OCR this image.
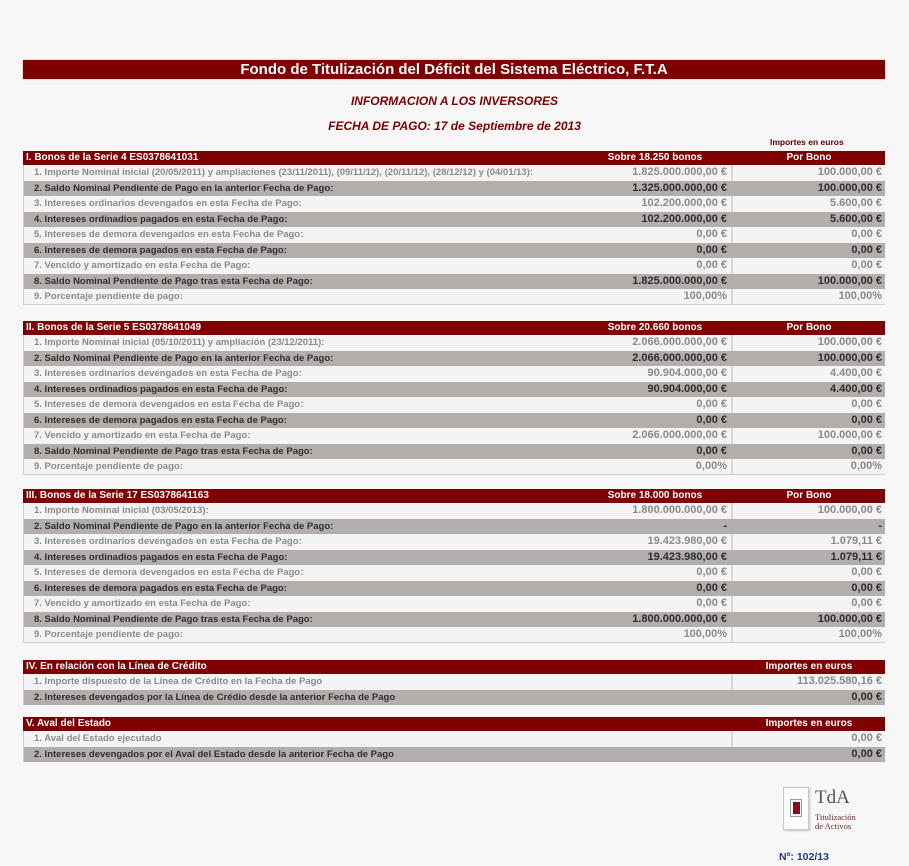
Fondo de Titulización del Déficit del Sistema Eléctrico, F.T.A
INFORMACION A LOS INVERSORES
FECHA DE PAGO: 17 de Septiembre de 2013
Importes en euros
I. Bonos de la Serie 4 ES0378641031	Sobre 18.250 bonos	Por Bono
1. Importe Nominal inicial (20/05/2011) y ampliaciones (23/11/2011), (09/11/12), (20/11/12), (28/12/12) y (04/01/13):	1.825.000.000,00 €	100.000,00 €
2. Saldo Nominal Pendiente de Pago en la anterior Fecha de Pago:	1.325.000.000,00 €	100.000,00 €
3. Intereses ordinarios devengados en esta Fecha de Pago:	102.200.000,00 €	5.600,00 €
4. Intereses ordinadios pagados en esta Fecha de Pago:	102.200.000,00 €	5.600,00 €
5. Intereses de demora devengados en esta Fecha de Pago:	0,00 €	0,00 €
6. Intereses de demora pagados en esta Fecha de Pago:	0,00 €	0,00 €
7. Vencido y amortizado en esta Fecha de Pago:	0,00 €	0,00 €
8. Saldo Nominal Pendiente de Pago tras esta Fecha de Pago:	1.825.000.000,00 €	100.000,00 €
9. Porcentaje pendiente de pago:	100,00%	100,00%
II. Bonos de la Serie 5 ES0378641049	Sobre 20.660 bonos	Por Bono
1. Importe Nominal inicial (05/10/2011) y ampliación (23/12/2011):	2.066.000.000,00 €	100.000,00 €
2. Saldo Nominal Pendiente de Pago en la anterior Fecha de Pago:	2.066.000.000,00 €	100.000,00 €
3. Intereses ordinarios devengados en esta Fecha de Pago:	90.904.000,00 €	4.400,00 €
4. Intereses ordinadios pagados en esta Fecha de Pago:	90.904.000,00 €	4.400,00 €
5. Intereses de demora devengados en esta Fecha de Pago:	0,00 €	0,00 €
6. Intereses de demora pagados en esta Fecha de Pago:	0,00 €	0,00 €
7. Vencido y amortizado en esta Fecha de Pago:	2.066.000.000,00 €	100.000,00 €
8. Saldo Nominal Pendiente de Pago tras esta Fecha de Pago:	0,00 €	0,00 €
9. Porcentaje pendiente de pago:	0,00%	0,00%
III. Bonos de la Serie 17 ES0378641163	Sobre 18.000 bonos	Por Bono
1. Importe Nominal inicial (03/05/2013):	1.800.000.000,00 €	100.000,00 €
2. Saldo Nominal Pendiente de Pago en la anterior Fecha de Pago:	-	-
3. Intereses ordinarios devengados en esta Fecha de Pago:	19.423.980,00 €	1.079,11 €
4. Intereses ordinadios pagados en esta Fecha de Pago:	19.423.980,00 €	1.079,11 €
5. Intereses de demora devengados en esta Fecha de Pago:	0,00 €	0,00 €
6. Intereses de demora pagados en esta Fecha de Pago:	0,00 €	0,00 €
7. Vencido y amortizado en esta Fecha de Pago:	0,00 €	0,00 €
8. Saldo Nominal Pendiente de Pago tras esta Fecha de Pago:	1.800.000.000,00 €	100.000,00 €
9. Porcentaje pendiente de pago:	100,00%	100,00%
IV. En relación con la Línea de Crédito	Importes en euros
1. Importe dispuesto de la Línea de Crédito en la Fecha de Pago	113.025.580,16 €
2. Intereses devengados por la Línea de Crédio desde la anterior Fecha de Pago	0,00 €
V. Aval del Estado	Importes en euros
1. Aval del Estado ejecutado	0,00 €
2. Intereses devengados por el Aval del Estado desde la anterior Fecha de Pago	0,00 €
TdA
Titulización
de Activos
Nº: 102/13
